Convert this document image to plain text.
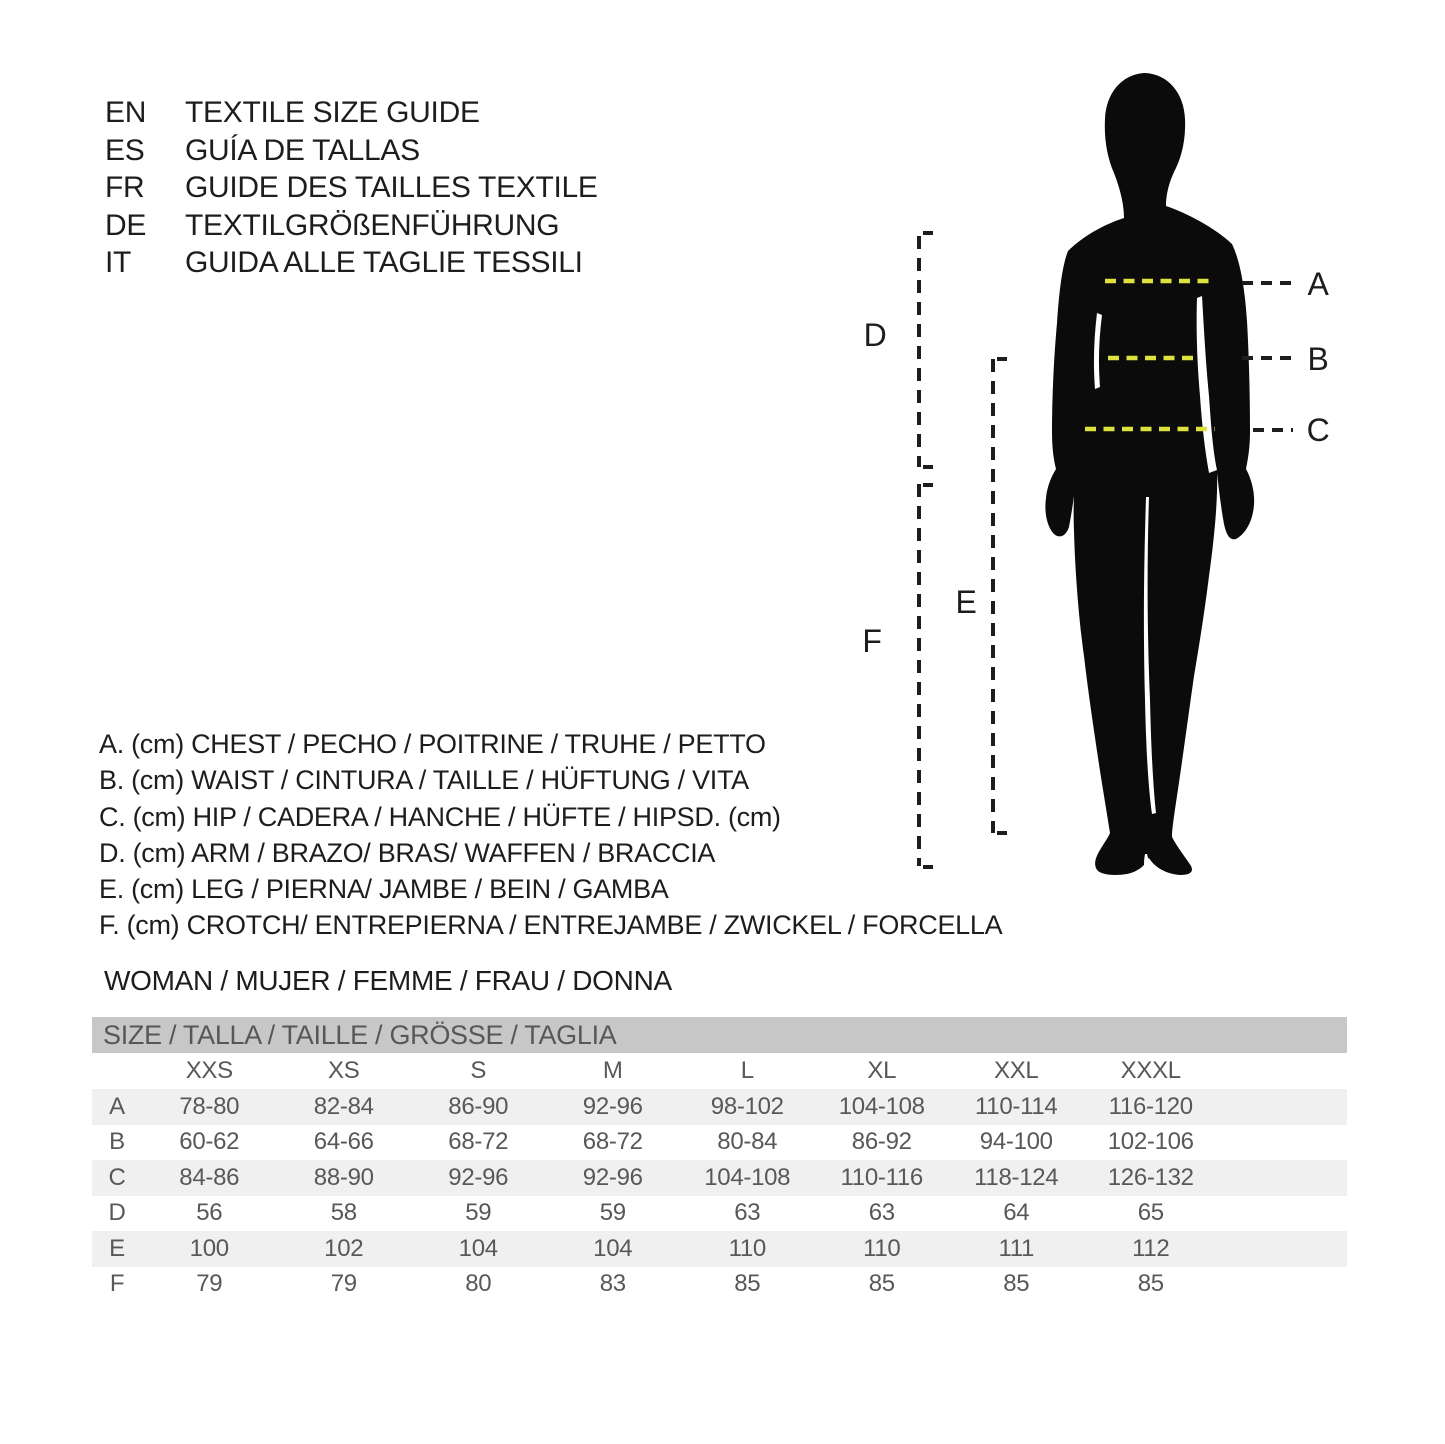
EN	TEXTILE SIZE GUIDE
ES	GUÍA DE TALLAS
FR	GUIDE DES TAILLES TEXTILE
DE	TEXTILGRÖßENFÜHRUNG
IT	GUIDA ALLE TAGLIE TESSILI
A
B
C
D
E
F
A. (cm) CHEST / PECHO / POITRINE / TRUHE / PETTO
B. (cm) WAIST / CINTURA / TAILLE / HÜFTUNG / VITA
C. (cm) HIP / CADERA / HANCHE / HÜFTE / HIPSD. (cm)
D. (cm) ARM / BRAZO/ BRAS/ WAFFEN / BRACCIA
E. (cm) LEG / PIERNA/ JAMBE / BEIN / GAMBA
F. (cm) CROTCH/ ENTREPIERNA / ENTREJAMBE / ZWICKEL / FORCELLA
WOMAN / MUJER / FEMME / FRAU / DONNA
SIZE / TALLA / TAILLE / GRÖSSE / TAGLIA
	XXS	XS	S	M	L	XL	XXL	XXXL	
A	78-80	82-84	86-90	92-96	98-102	104-108	110-114	116-120	
B	60-62	64-66	68-72	68-72	80-84	86-92	94-100	102-106	
C	84-86	88-90	92-96	92-96	104-108	110-116	118-124	126-132	
D	56	58	59	59	63	63	64	65	
E	100	102	104	104	110	110	111	112	
F	79	79	80	83	85	85	85	85	
